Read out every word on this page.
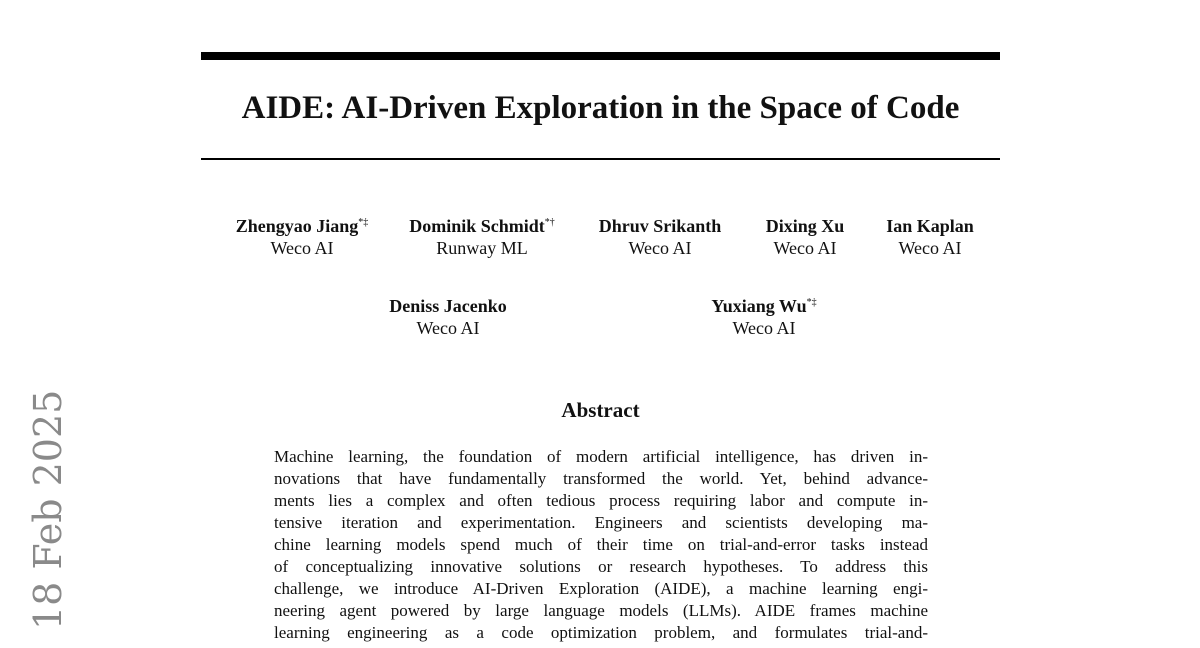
AIDE: AI-Driven Exploration in the Space of Code
Zhengyao Jiang*‡
Weco AI
Dominik Schmidt*†
Runway ML
Dhruv Srikanth
Weco AI
Dixing Xu
Weco AI
Ian Kaplan
Weco AI
Deniss Jacenko
Weco AI
Yuxiang Wu*‡
Weco AI
Abstract
Machine learning, the foundation of modern artificial intelligence, has driven in-
novations that have fundamentally transformed the world. Yet, behind advance-
ments lies a complex and often tedious process requiring labor and compute in-
tensive iteration and experimentation. Engineers and scientists developing ma-
chine learning models spend much of their time on trial-and-error tasks instead
of conceptualizing innovative solutions or research hypotheses. To address this
challenge, we introduce AI-Driven Exploration (AIDE), a machine learning engi-
neering agent powered by large language models (LLMs). AIDE frames machine
learning engineering as a code optimization problem, and formulates trial-and-
18 Feb 2025
